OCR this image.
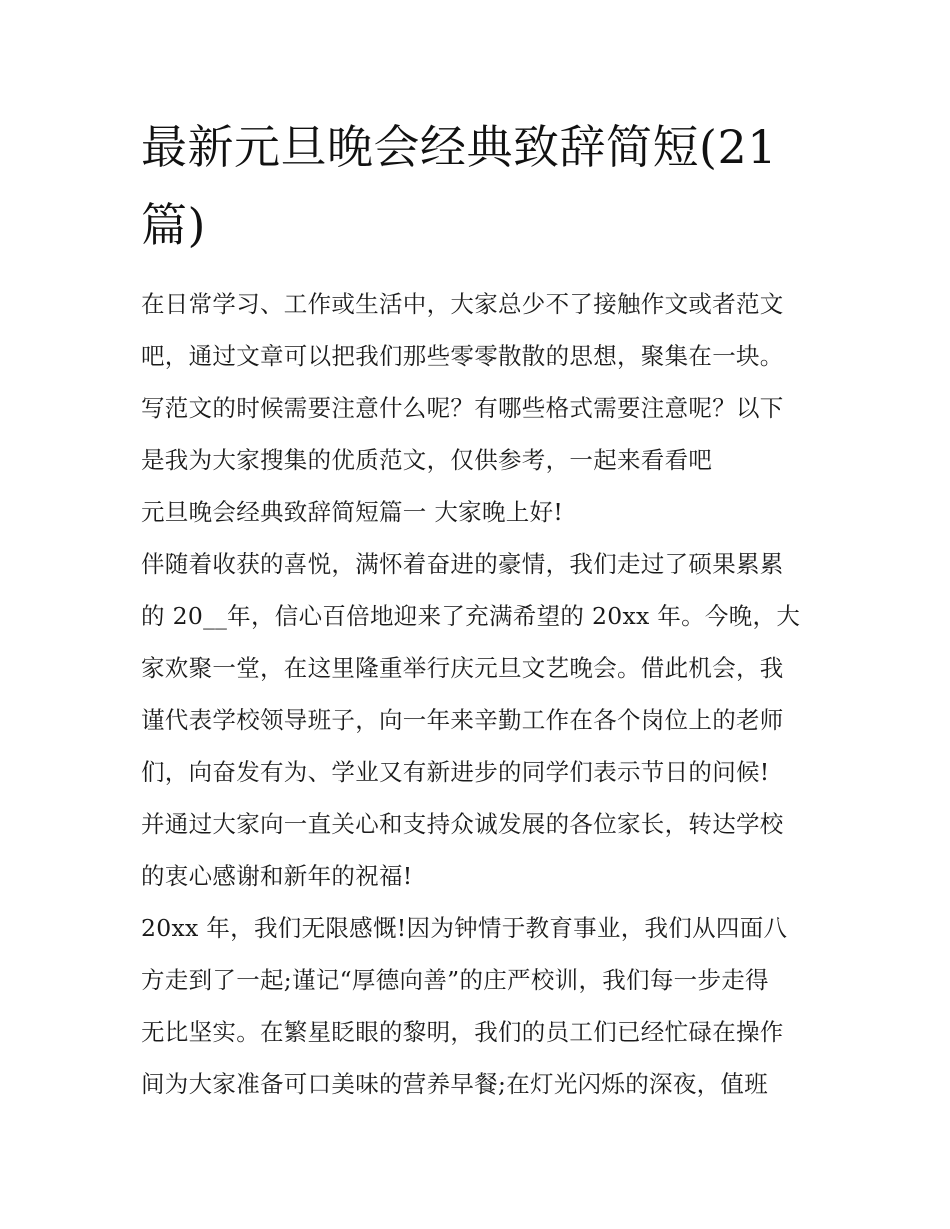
最新元旦晚会经典致辞简短(21篇)
在日常学习、工作或生活中，大家总少不了接触作文或者范文
吧，通过文章可以把我们那些零零散散的思想，聚集在一块。
写范文的时候需要注意什么呢？有哪些格式需要注意呢？以下
是我为大家搜集的优质范文，仅供参考，一起来看看吧
元旦晚会经典致辞简短篇一 大家晚上好!
伴随着收获的喜悦，满怀着奋进的豪情，我们走过了硕果累累
的 20__年，信心百倍地迎来了充满希望的 20xx 年。今晚，大
家欢聚一堂，在这里隆重举行庆元旦文艺晚会。借此机会，我
谨代表学校领导班子，向一年来辛勤工作在各个岗位上的老师
们，向奋发有为、学业又有新进步的同学们表示节日的问候!
并通过大家向一直关心和支持众诚发展的各位家长，转达学校
的衷心感谢和新年的祝福!
20xx 年，我们无限感慨!因为钟情于教育事业，我们从四面八
方走到了一起;谨记“厚德向善”的庄严校训，我们每一步走得
无比坚实。在繁星眨眼的黎明，我们的员工们已经忙碌在操作
间为大家准备可口美味的营养早餐;在灯光闪烁的深夜，值班
